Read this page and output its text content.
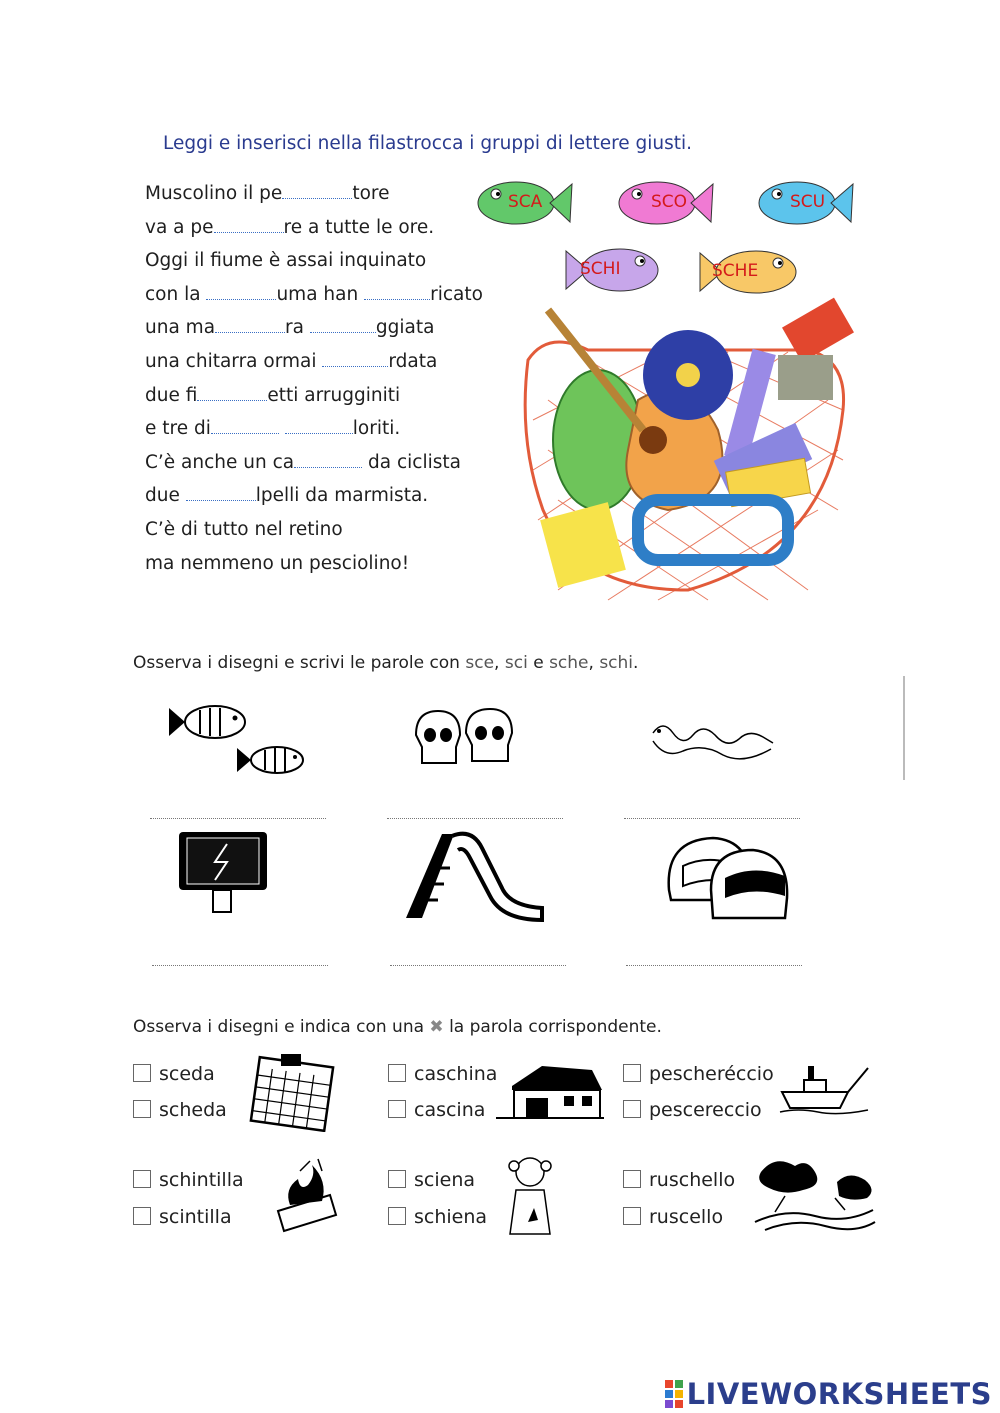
Leggi e inserisci nella filastrocca i gruppi di lettere giusti.
Muscolino il pe	tore
va a pe	re a tutte le ore.
Oggi il fiume è assai inquinato
con la	uma han	ricato
una ma	ra	ggiata
una chitarra ormai	rdata
due fi	etti arrugginiti
e tre di	loriti.
C’è anche un ca	da ciclista
due	lpelli da marmista.
C’è di tutto nel retino
ma nemmeno un pesciolino!
SCA	SCO	SCU
SCHI	SCHE
Osserva i disegni e scrivi le parole con sce, sci e sche, schi.
Osserva i disegni e indica con una ✖ la parola corrispondente.
sceda
scheda
caschina
cascina
pescheréccio
pescereccio
schintilla
scintilla
sciena
schiena
ruschello
ruscello
LIVEWORKSHEETS
